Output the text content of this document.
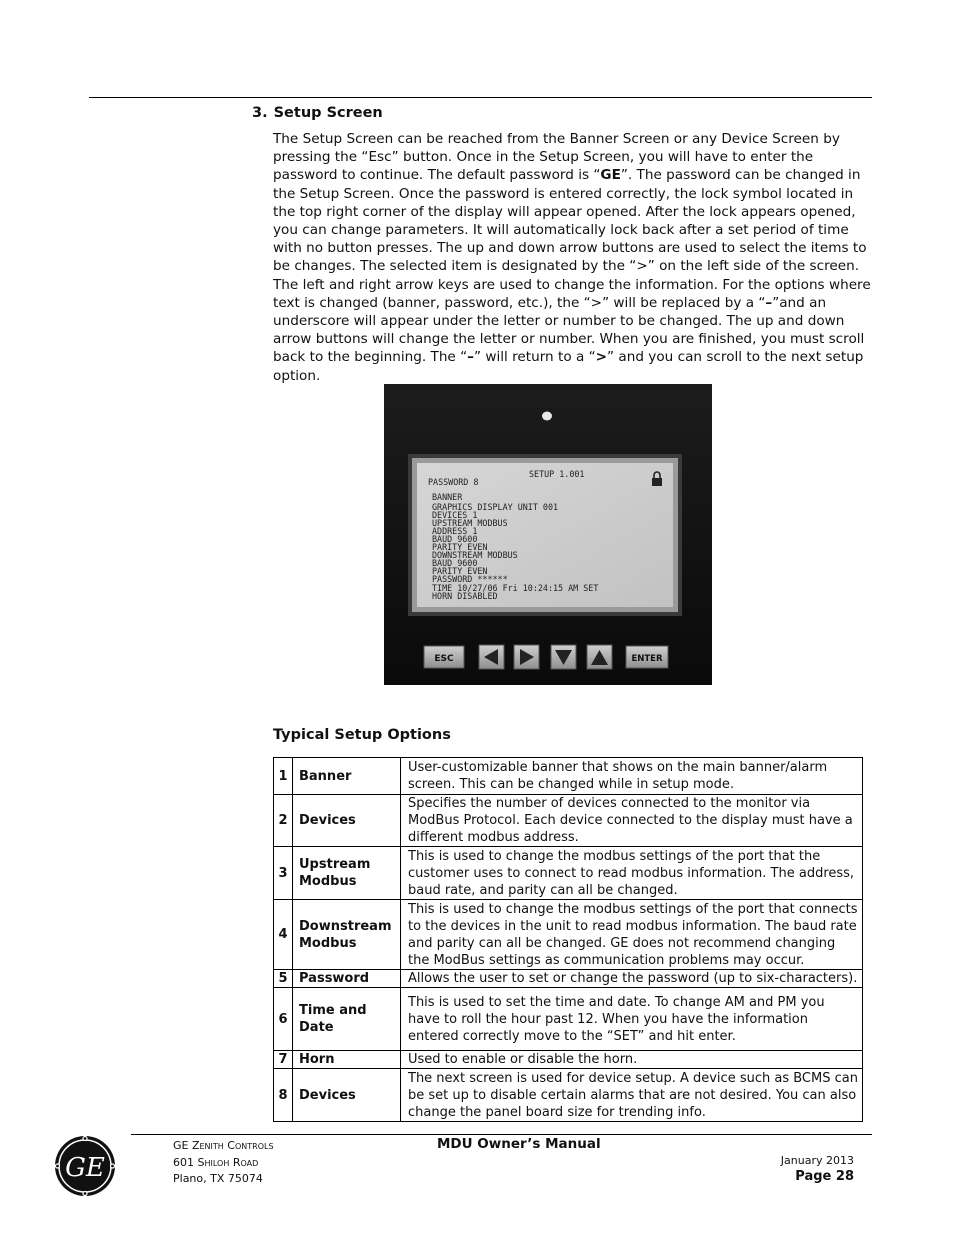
3. Setup Screen

The Setup Screen can be reached from the Banner Screen or any Device Screen by pressing the “Esc” button. Once in the Setup Screen, you will have to enter the password to continue. The default password is “GE”. The password can be changed in the Setup Screen. Once the password is entered correctly, the lock symbol located in the top right corner of the display will appear opened. After the lock appears opened, you can change parameters. It will automatically lock back after a set period of time with no button presses. The up and down arrow buttons are used to select the items to be changes. The selected item is designated by the “>” on the left side of the screen. The left and right arrow keys are used to change the information. For the options where text is changed (banner, password, etc.), the “>” will be replaced by a “–”and an underscore will appear under the letter or number to be changed. The up and down arrow buttons will change the letter or number. When you are finished, you must scroll back to the beginning. The “–” will return to a “>” and you can scroll to the next setup option.

SETUP 1.001
PASSWORD 8
BANNER
GRAPHICS DISPLAY UNIT 001
DEVICES 1
UPSTREAM MODBUS
ADDRESS 1
BAUD 9600
PARITY EVEN
DOWNSTREAM MODBUS
BAUD 9600
PARITY EVEN
PASSWORD ******
TIME 10/27/06 Fri 10:24:15 AM SET
HORN DISABLED
ESC	ENTER
Typical Setup Options
1	Banner	User-customizable banner that shows on the main banner/alarm screen. This can be changed while in setup mode.
2	Devices	Specifies the number of devices connected to the monitor via ModBus Protocol. Each device connected to the display must have a different modbus address.
3	Upstream Modbus	This is used to change the modbus settings of the port that the customer uses to connect to read modbus information. The address, baud rate, and parity can all be changed.
4	Downstream Modbus	This is used to change the modbus settings of the port that connects to the devices in the unit to read modbus information. The baud rate and parity can all be changed. GE does not recommend changing the ModBus settings as communication problems may occur.
5	Password	Allows the user to set or change the password (up to six-characters).
6	Time and Date	This is used to set the time and date. To change AM and PM you have to roll the hour past 12. When you have the information entered correctly move to the “SET” and hit enter.
7	Horn	Used to enable or disable the horn.
8	Devices	The next screen is used for device setup. A device such as BCMS can be set up to disable certain alarms that are not desired. You can also change the panel board size for trending info.
GE
GE Zenith Controls
601 Shiloh Road
Plano, TX 75074
MDU Owner’s Manual
January 2013
Page 28
